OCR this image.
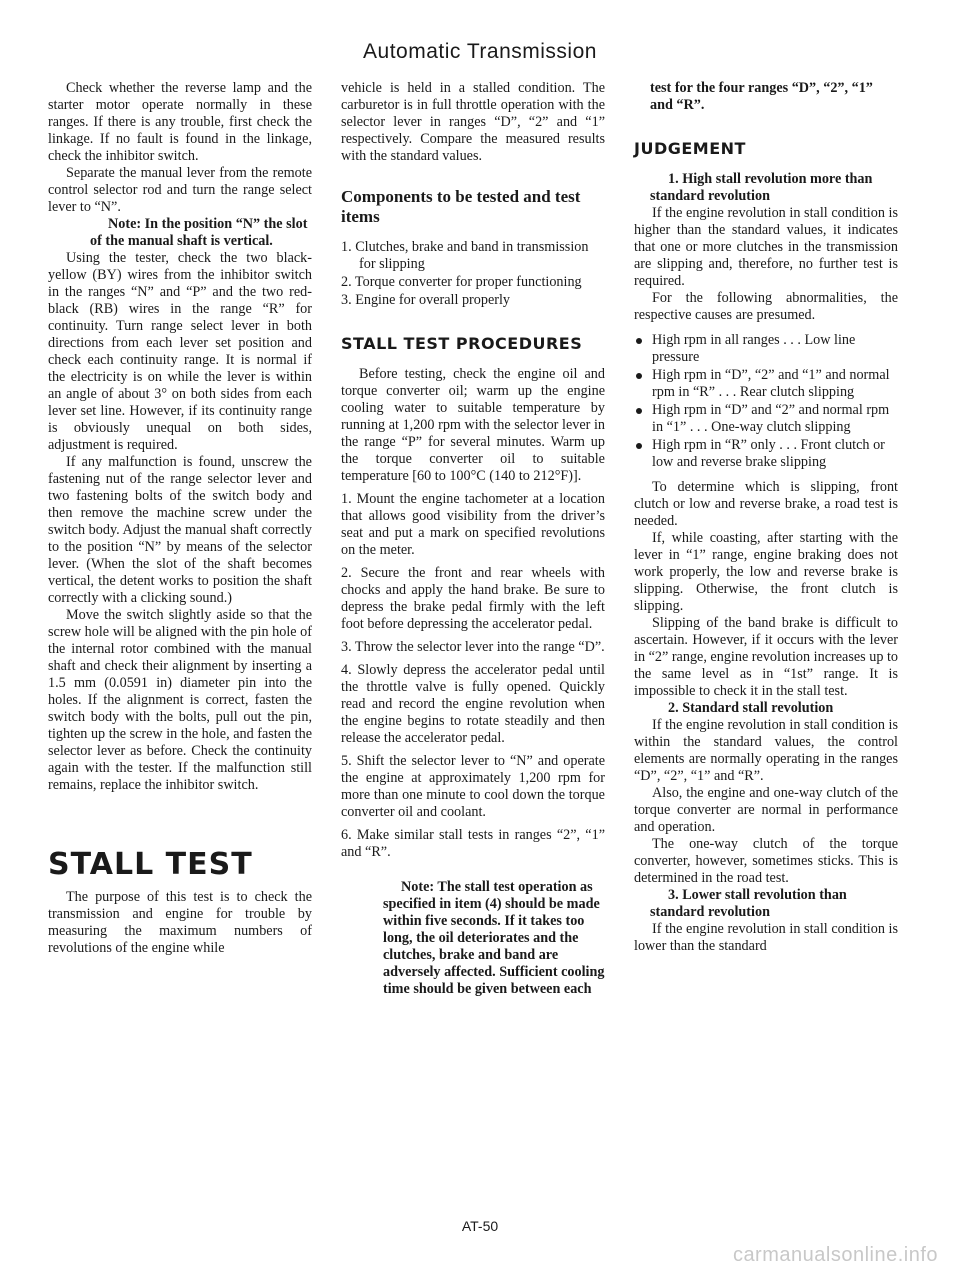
Automatic Transmission

Check whether the reverse lamp and the starter motor operate normally in these ranges. If there is any trouble, first check the linkage. If no fault is found in the linkage, check the inhibitor switch.

Separate the manual lever from the remote control selector rod and turn the range select lever to “N”.

Note: In the position “N” the slot of the manual shaft is vertical.

Using the tester, check the two black-yellow (BY) wires from the inhibitor switch in the ranges “N” and “P” and the two red-black (RB) wires in the range “R” for continuity. Turn range select lever in both directions from each lever set position and check each continuity range. It is normal if the electricity is on while the lever is within an angle of about 3° on both sides from each lever set line. However, if its continuity range is obviously unequal on both sides, adjustment is required.

If any malfunction is found, unscrew the fastening nut of the range selector lever and two fastening bolts of the switch body and then remove the machine screw under the switch body. Adjust the manual shaft correctly to the position “N” by means of the selector lever. (When the slot of the shaft becomes vertical, the detent works to position the shaft correctly with a clicking sound.)

Move the switch slightly aside so that the screw hole will be aligned with the pin hole of the internal rotor combined with the manual shaft and check their alignment by inserting a 1.5 mm (0.0591 in) diameter pin into the holes. If the alignment is correct, fasten the switch body with the bolts, pull out the pin, tighten up the screw in the hole, and fasten the selector lever as before. Check the continuity again with the tester. If the malfunction still remains, replace the inhibitor switch.

STALL TEST

The purpose of this test is to check the transmission and engine for trouble by measuring the maximum numbers of revolutions of the engine while

vehicle is held in a stalled condition. The carburetor is in full throttle operation with the selector lever in ranges “D”, “2” and “1” respectively. Compare the measured results with the standard values.

Components to be tested and test items
1. Clutches, brake and band in transmission for slipping
2. Torque converter for proper functioning
3. Engine for overall properly
STALL TEST PROCEDURES

Before testing, check the engine oil and torque converter oil; warm up the engine cooling water to suitable temperature by running at 1,200 rpm with the selector lever in the range “P” for several minutes. Warm up the torque converter oil to suitable temperature [60 to 100°C (140 to 212°F)].

1. Mount the engine tachometer at a location that allows good visibility from the driver’s seat and put a mark on specified revolutions on the meter.

2. Secure the front and rear wheels with chocks and apply the hand brake. Be sure to depress the brake pedal firmly with the left foot before depressing the accelerator pedal.

3. Throw the selector lever into the range “D”.

4. Slowly depress the accelerator pedal until the throttle valve is fully opened. Quickly read and record the engine revolution when the engine begins to rotate steadily and then release the accelerator pedal.

5. Shift the selector lever to “N” and operate the engine at approximately 1,200 rpm for more than one minute to cool down the torque converter oil and coolant.

6. Make similar stall tests in ranges “2”, “1” and “R”.

Note: The stall test operation as specified in item (4) should be made within five seconds. If it takes too long, the oil deteriorates and the clutches, brake and band are adversely affected. Sufficient cooling time should be given between each

test for the four ranges “D”, “2”, “1” and “R”.

JUDGEMENT

1. High stall revolution more than standard revolution

If the engine revolution in stall condition is higher than the standard values, it indicates that one or more clutches in the transmission are slipping and, therefore, no further test is required.

For the following abnormalities, the respective causes are presumed.

High rpm in all ranges . . . Low line pressure
High rpm in “D”, “2” and “1” and normal rpm in “R” . . . Rear clutch slipping
High rpm in “D” and “2” and normal rpm in “1” . . . One-way clutch slipping
High rpm in “R” only . . . Front clutch or low and reverse brake slipping

To determine which is slipping, front clutch or low and reverse brake, a road test is needed.

If, while coasting, after starting with the lever in “1” range, engine braking does not work properly, the low and reverse brake is slipping. Otherwise, the front clutch is slipping.

Slipping of the band brake is difficult to ascertain. However, if it occurs with the lever in “2” range, engine revolution increases up to the same level as in “1st” range. It is impossible to check it in the stall test.

2. Standard stall revolution

If the engine revolution in stall condition is within the standard values, the control elements are normally operating in the ranges “D”, “2”, “1” and “R”.

Also, the engine and one-way clutch of the torque converter are normal in performance and operation.

The one-way clutch of the torque converter, however, sometimes sticks. This is determined in the road test.

3. Lower stall revolution than standard revolution

If the engine revolution in stall condition is lower than the standard

AT-50
carmanualsonline.info
